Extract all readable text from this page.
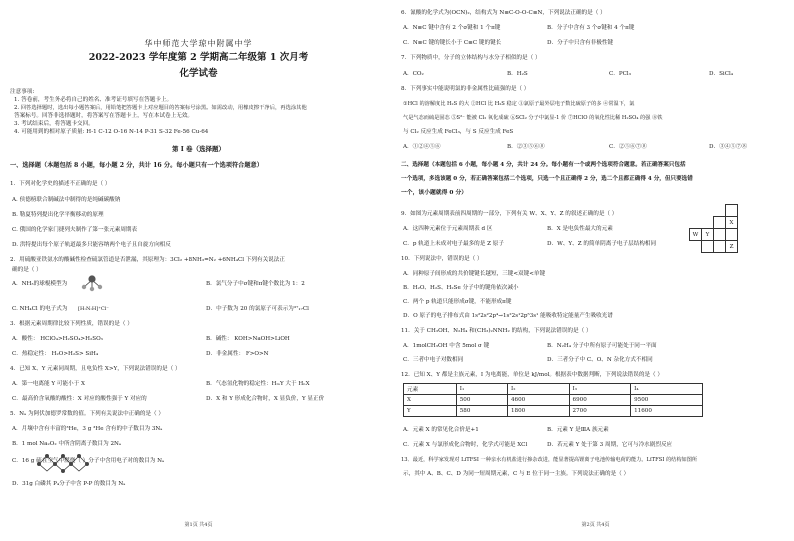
华中师范大学琼中附属中学
2022-2023 学年度第 2 学期高二年级第 1 次月考
化学试卷
注意事项:
1. 答卷前，考生务必将自己的姓名、准考证号填写在答题卡上。
2. 回答选择题时，选出每小题答案后，用铅笔把答题卡上对应题目的答案标号涂黑。如需改动，用橡皮擦干净后，再选涂其他
答案标号。回答非选择题时，将答案写在答题卡上，写在本试卷上无效。
3. 考试结束后，将答题卡交回。
4. 可能用到的相对原子质量: H-1 C-12 O-16 N-14 P-31 S-32 Fe-56 Cu-64
第 I 卷（选择题）
一、选择题（本题包括 8 小题，每小题 2 分，共计 16 分。每小题只有一个选项符合题意）
1．下列对化学史的描述不正确的是（ ）
A. 侯德榜联合制碱法中制得的是纯碱碳酸钠
B. 勒夏特列提出化学平衡移动的原理
C. 俄国的化学家门捷列夫制作了第一张元素周期表
D. 洪特提出每个原子轨道最多只能容纳两个电子且自旋方向相反
2．用硫酸亚铁氨水的酸碱性检查硫氯管道是否泄漏，其原理为：3Cl₂ +8NH₃=N₂ +6NH₄Cl 下列有关说法正
确的是（ ）
A．NH₃的球棍模型为	B．氯气分子中σ键和π键个数比为 1：2
C. NH₄Cl 的电子式为 [H:N:H]⁺Cl⁻	D．中子数为 20 的氯原子可表示为³⁷₁₇Cl
3．根据元素周期律比较下列性质，错误的是（ ）
A．酸性： HClO₄>H₂SO₄>H₂SO₃	B．碱性： KOH>NaOH>LiOH
C．热稳定性： H₂O>H₂S> SiH₄	D．非金属性： F>O>N
4．已知 X、Y 元素同周期，且电负性 X>Y，下列说法错误的是（ ）
A．第一电离能 Y 可能小于 X	B．气态氢化物的稳定性：HₘY 大于 HₙX
C．最高价含氧酸的酸性：X 对应的酸性强于 Y 对应的	D．X 和 Y 形成化合物时，X 显负价，Y 显正价
5．Nₐ 为阿伏加德罗常数的值。下列有关说法中正确的是（ ）
A．月壤中含有丰富的³He，3 g ³He 含有的中子数目为 3Nₐ
B．1 mol Na₂O₂ 中所含阴离子数目为 2Nₐ
C．16 g 硫在空气中燃烧（ ）分子中含用电子对的数目为 Nₐ
D．31g 白磷其 P₄分子中含 P-P 的数目为 Nₐ
第1页 共4页
6．氰酸的化学式为(OCN)₂，结构式为 N≡C-O-O-C≡N，下列说法正确的是（ ）
A．N≡C 键中含有 2 个σ键和 1 个π键	B．分子中含有 3 个σ键和 4 个π键
C．N≡C 键的键长小于 C≡C 键的键长	D．分子中只含有非极性键
7．下列物质中，分子的立体结构与水分子相似的是（ ）
A．CO₂	B．H₂S	C．PCl₃	D．SiCl₄
8．下列事实中能说明氯的非金属性比硫强的是（ ）
①HCl 的溶解度比 H₂S 的大 ②HCl 比 H₂S 稳定 ③氯原子最外层电子数比硫原子的多 ④常温下，氯
气是气态而硫是固态 ⑤S²⁻ 能被 Cl₂ 氧化成硫 ⑥SCl₂ 分子中氯显-1 价 ⑦HClO 的氧化性比稀 H₂SO₄ 的强 ⑧铁
与 Cl₂ 反应生成 FeCl₃，与 S 反应生成 FeS
A．①②④⑤⑥	B．②③⑤⑥⑧	C．②⑤⑥⑦⑧	D．③④⑤⑦⑧
二、选择题（本题包括 6 小题，每小题 4 分，共计 24 分。每小题有一个或两个选项符合题意。若正确答案只包括
一个选项，多选该题 0 分，若正确答案包括二个选项，只选一个且正确得 2 分，选二个且都正确得 4 分，但只要选错
一个，该小题就得 0 分）

			X	
W	Y			
			Z	
9．如图为元素周期表前四周期的一部分，下列有关 W、X、Y、Z 的叙述正确的是（ ）
A．这四种元素位于元素周期表 d 区	B．X 是电负性最大的元素
C．p 轨道上未成对电子最多的是 Z 原子	D．W、Y、Z 的简单阴离子电子层结构相同
10．下列说法中，错误的是（ ）
A．同种原子间形成的共价键键长越短，三键<双键<单键
B．H₂O、H₂S、H₂Se 分子中的键角依次减小
C．两个 p 轨道只能形成σ键，不能形成π键
D．O 原子的电子排布式由 1s²2s²2p⁴→1s²2s¹2p⁵3s¹ 能吸收特定能量产生吸收光谱
11．关于 CH₃OH、N₂H₄ 和(CH₃)₂NNH₂ 的结构，下列说法错误的是（ ）
A．1molCH₃OH 中含 5mol σ 键	B．N₂H₄ 分子中所有原子可能处于同一平面
C．三者中电子对数相同	D．三者分子中 C、O、N 杂化方式不相同
12．已知 X、Y 都是主族元素，I 为电离能，单位是 kJ/mol。根据表中数据判断，下列说法错误的是（ ）
元素	I₁	I₂	I₃	I₄
X	500	4600	6900	9500
Y	580	1800	2700	11600
A．元素 X 的常见化合价是+1	B．元素 Y 是ⅢA 族元素
C．元素 X 与氯形成化合物时，化学式可能是 XCl	D．若元素 Y 处于第 3 周期，它可与冷水剧烈反应
13．最近，科学家发现对 LiTFSI 一种亲水有机盐进行掺杂改进，能显著提高锂离子电池传输电荷的能力。LiTFSI 的结构如图所
示，其中 A、B、C、D 为同一短周期元素，C 与 E 位于同一主族。下列说法正确的是（ ）
第2页 共4页
